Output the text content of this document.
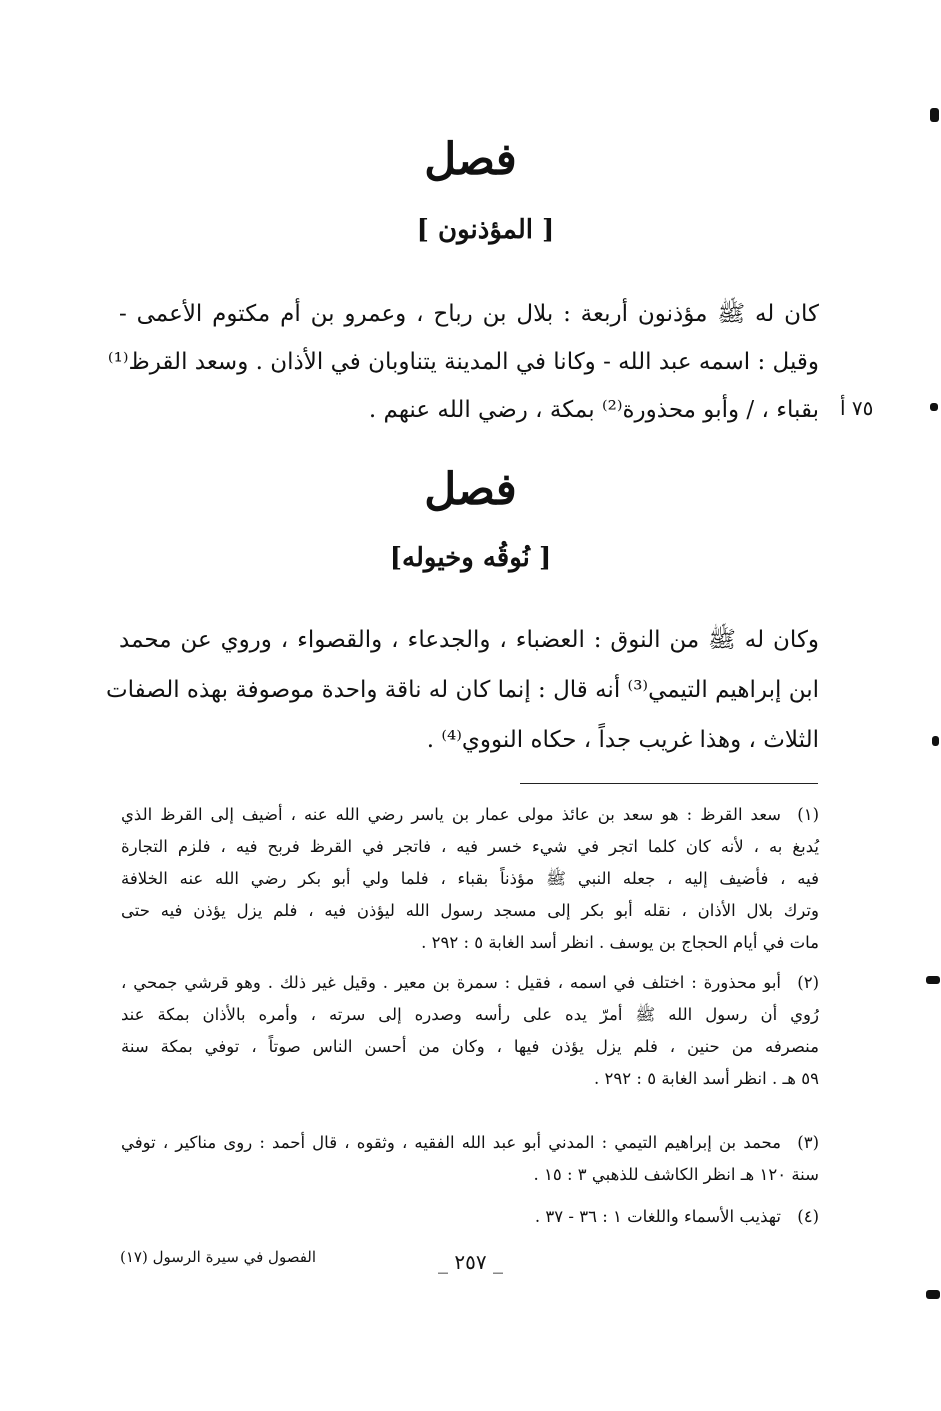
فصل
[ المؤذنون ]
كان له ﷺ مؤذنون أربعة : بلال بن رباح ، وعمرو بن أم مكتوم الأعمى -
وقيل : اسمه عبد الله - وكانا في المدينة يتناوبان في الأذان . وسعد القرظ⁽¹⁾
بقباء ، / وأبو محذورة⁽²⁾ بمكة ، رضي الله عنهم . ٧٥ أ
فصل
[نُوقُه وخيوله ]
وكان له ﷺ من النوق : العضباء ، والجدعاء ، والقصواء ، وروي عن محمد
ابن إبراهيم التيمي⁽³⁾ أنه قال : إنما كان له ناقة واحدة موصوفة بهذه الصفات
الثلاث ، وهذا غريب جداً ، حكاه النووي⁽⁴⁾ .
(١)
سعد القرظ : هو سعد بن عائذ مولى عمار بن ياسر رضي الله عنه ، أضيف إلى القرظ الذي
يُدبغ به ، لأنه كان كلما اتجر في شيء خسر فيه ، فاتجر في القرظ فربح فيه ، فلزم التجارة
فيه ، فأضيف إليه ، جعله النبي ﷺ مؤذناً بقباء ، فلما ولي أبو بكر رضي الله عنه الخلافة
وترك بلال الأذان ، نقله أبو بكر إلى مسجد رسول الله ليؤذن فيه ، فلم يزل يؤذن فيه حتى
مات في أيام الحجاج بن يوسف . انظر أسد الغابة ٥ : ٢٩٢ .
(٢)
أبو محذورة : اختلف في اسمه ، فقيل : سمرة بن معير . وقيل غير ذلك . وهو قرشي جمحي ،
رُوي أن رسول الله ﷺ أمرّ يده على رأسه وصدره إلى سرته ، وأمره بالأذان بمكة عند
منصرفه من حنين ، فلم يزل يؤذن فيها ، وكان من أحسن الناس صوتاً ، توفي بمكة سنة
٥٩ هـ . انظر أسد الغابة ٥ : ٢٩٢ .
(٣)
محمد بن إبراهيم التيمي : المدني أبو عبد الله الفقيه ، وثقوه ، قال أحمد : روى مناكير ، توفي
سنة ١٢٠ هـ انظر الكاشف للذهبي ٣ : ١٥ .
(٤)
تهذيب الأسماء واللغات ١ : ٣٦ - ٣٧ .
الفصول في سيرة الرسول (١٧)	_ ٢٥٧ _
